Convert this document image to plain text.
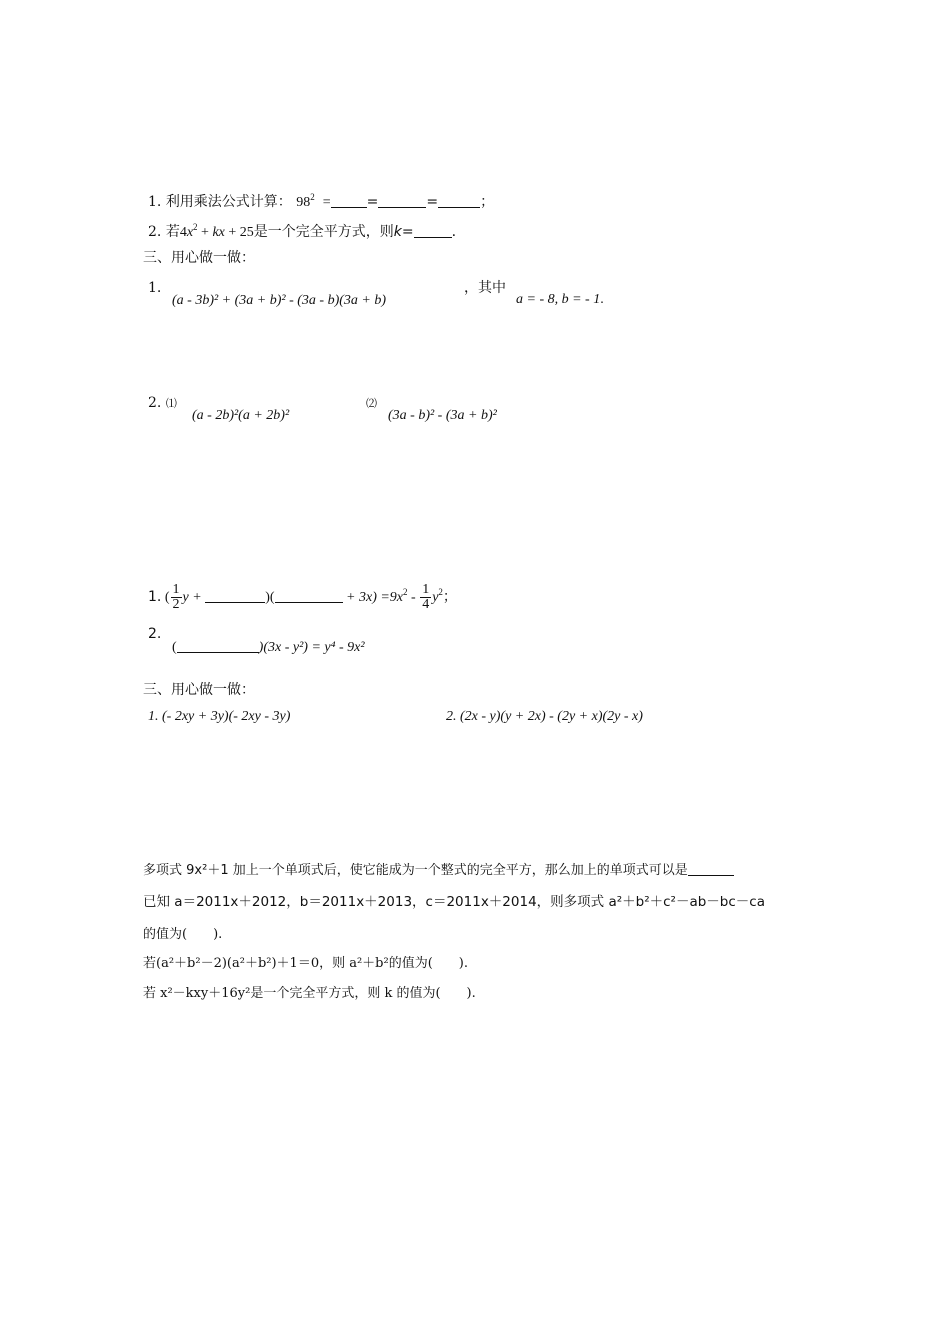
1. 利用乘法公式计算： $98^2$ =	=	=	；
2. 若$4x^2$ + kx + 25是一个完全平方式，则k=	.
三、用心做一做：
1.
(a - 3b)² + (3a + b)² - (3a - b)(3a + b)
，其中
a = - 8, b = - 1.
2. ⑴
(a - 2b)²(a + 2b)²
⑵
(3a - b)² - (3a + b)²
1. ( $\frac{1}{2}$ y +	)(	+ $3x) =9x^2 - \frac{1}{4} y^2$；
2.
(	)(3x - y²) = y⁴ - 9x²
三、用心做一做：
1. (- 2xy + 3y)(- 2xy - 3y)	2. (2x - y)(y + 2x) - (2y + x)(2y - x)
多项式 9x²＋1 加上一个单项式后，使它能成为一个整式的完全平方，那么加上的单项式可以是
已知 a＝2011x＋2012，b＝2011x＋2013，c＝2011x＋2014，则多项式 a²＋b²＋c²－ab－bc－ca
的值为(　　).
若(a²＋b²－2)(a²＋b²)＋1＝0，则 a²＋b²的值为(　　).
若 x²－kxy＋16y²是一个完全平方式，则 k 的值为(　　).
